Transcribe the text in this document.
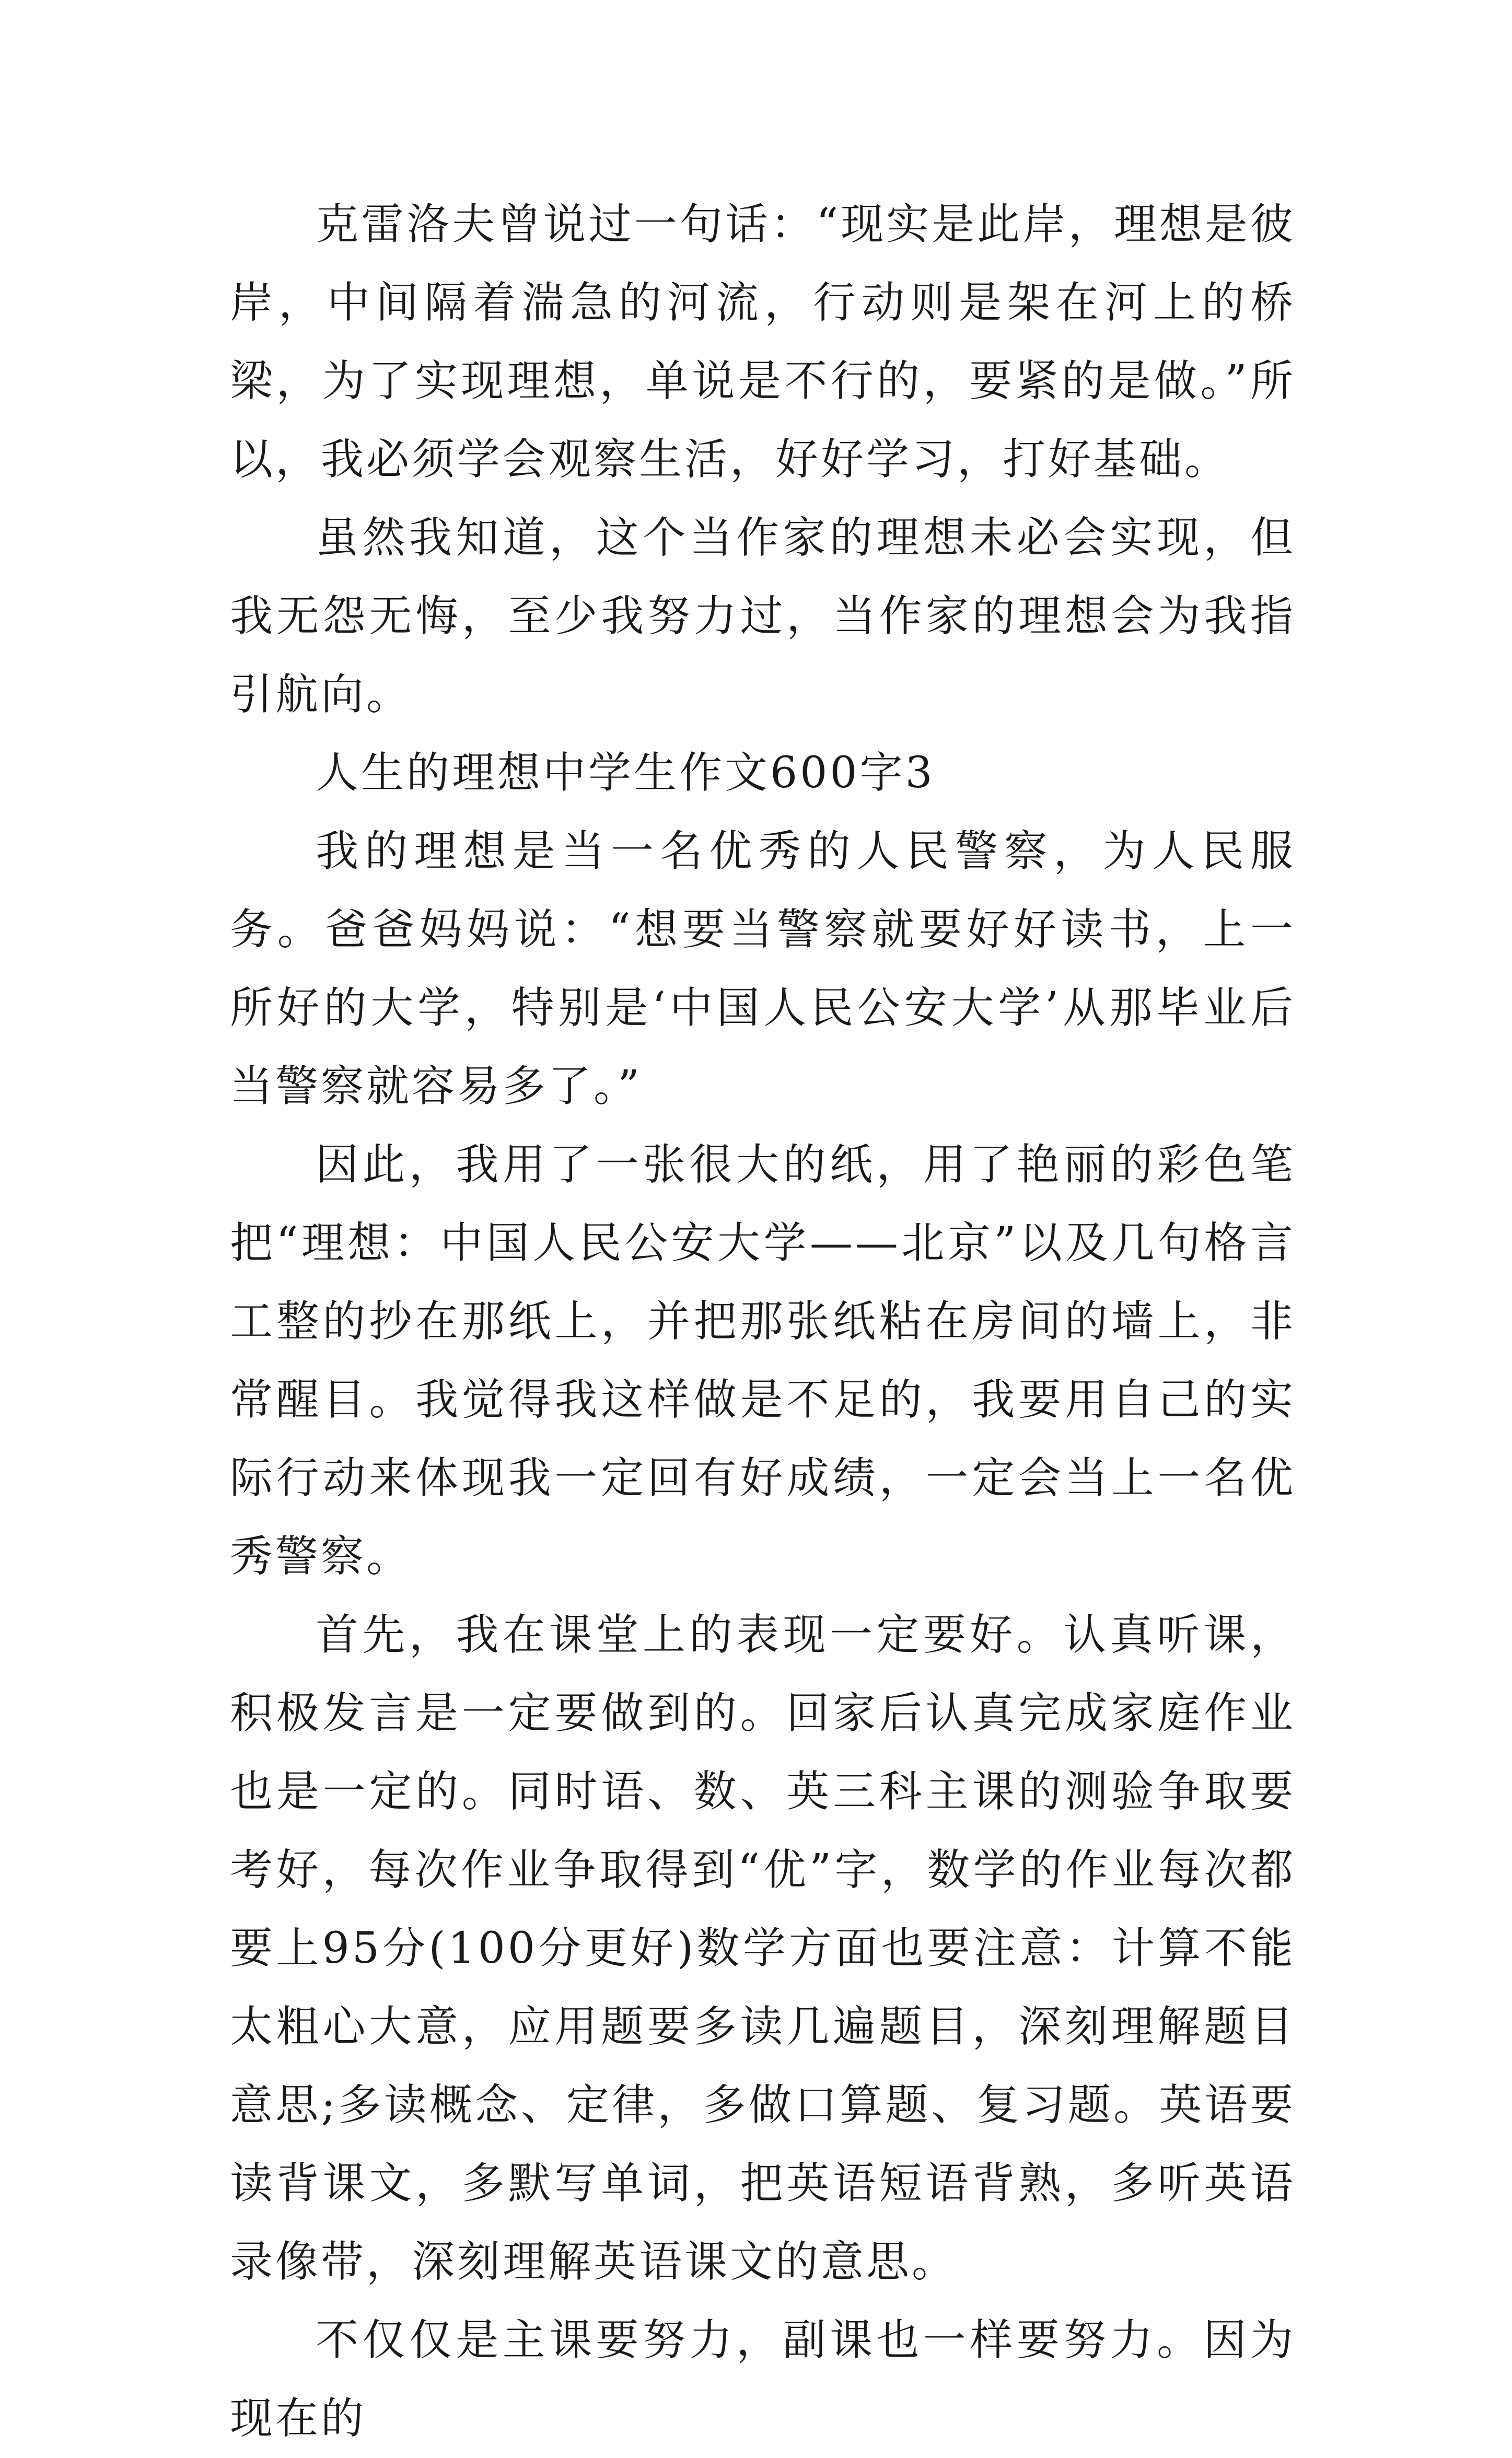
克雷洛夫曾说过一句话：“现实是此岸，理想是彼岸，中间隔着湍急的河流，行动则是架在河上的桥梁，为了实现理想，单说是不行的，要紧的是做。”所以，我必须学会观察生活，好好学习，打好基础。

虽然我知道，这个当作家的理想未必会实现，但我无怨无悔，至少我努力过，当作家的理想会为我指引航向。

人生的理想中学生作文600字3

我的理想是当一名优秀的人民警察，为人民服务。爸爸妈妈说：“想要当警察就要好好读书，上一所好的大学，特别是‘中国人民公安大学’从那毕业后当警察就容易多了。”

因此，我用了一张很大的纸，用了艳丽的彩色笔把“理想：中国人民公安大学——北京”以及几句格言工整的抄在那纸上，并把那张纸粘在房间的墙上，非常醒目。我觉得我这样做是不足的，我要用自己的实际行动来体现我一定回有好成绩，一定会当上一名优秀警察。

首先，我在课堂上的表现一定要好。认真听课，积极发言是一定要做到的。回家后认真完成家庭作业也是一定的。同时语、数、英三科主课的测验争取要考好，每次作业争取得到“优”字，数学的作业每次都要上95分(100分更好)数学方面也要注意：计算不能太粗心大意，应用题要多读几遍题目，深刻理解题目意思;多读概念、定律，多做口算题、复习题。英语要读背课文，多默写单词，把英语短语背熟，多听英语录像带，深刻理解英语课文的意思。

不仅仅是主课要努力，副课也一样要努力。因为现在的
